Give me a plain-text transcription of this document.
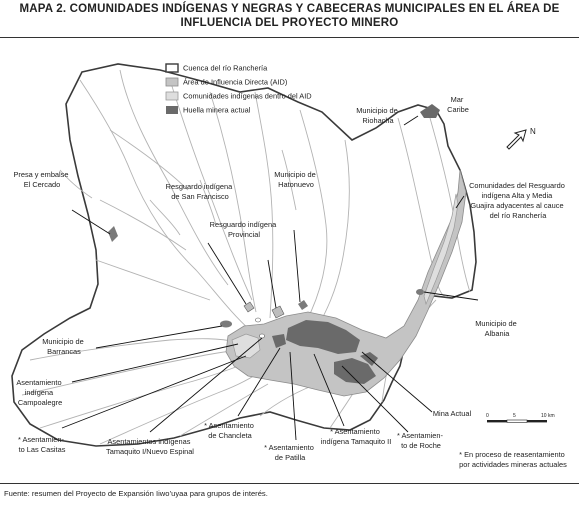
MAPA 2. COMUNIDADES INDÍGENAS Y NEGRAS Y CABECERAS MUNICIPALES EN EL ÁREA DE
INFLUENCIA DEL PROYECTO MINERO
Cuenca del río Ranchería
Área de Influencia Directa (AID)
Comunidades indígenas dentro del AID
Huella minera actual
N
0	5	10 km
Municipio de Riohacha
Mar Caribe
Presa y embalse El Cercado	Resguardo indígena de San Francisco
Municipio de Hatonuevo
Resguardo indígena Provincial
Comunidades del Resguardo indígena Alta y Media Guajira adyacentes al cauce del río Ranchería
Municipio de Albania
Municipio de Barrancas
Asentamiento indígena Campoalegre
* Asentamien- to Las Casitas
Asentamientos indígenas Tamaquito I/Nuevo Espinal
* Asentamiento de Chancleta
* Asentamiento de Patilla
* Asentamiento indígena Tamaquito II
* Asentamien- to de Roche
Mina Actual
* En proceso de reasentamiento por actividades mineras actuales
Fuente: resumen del Proyecto de Expansión Iiwo’uyaa para grupos de interés.
